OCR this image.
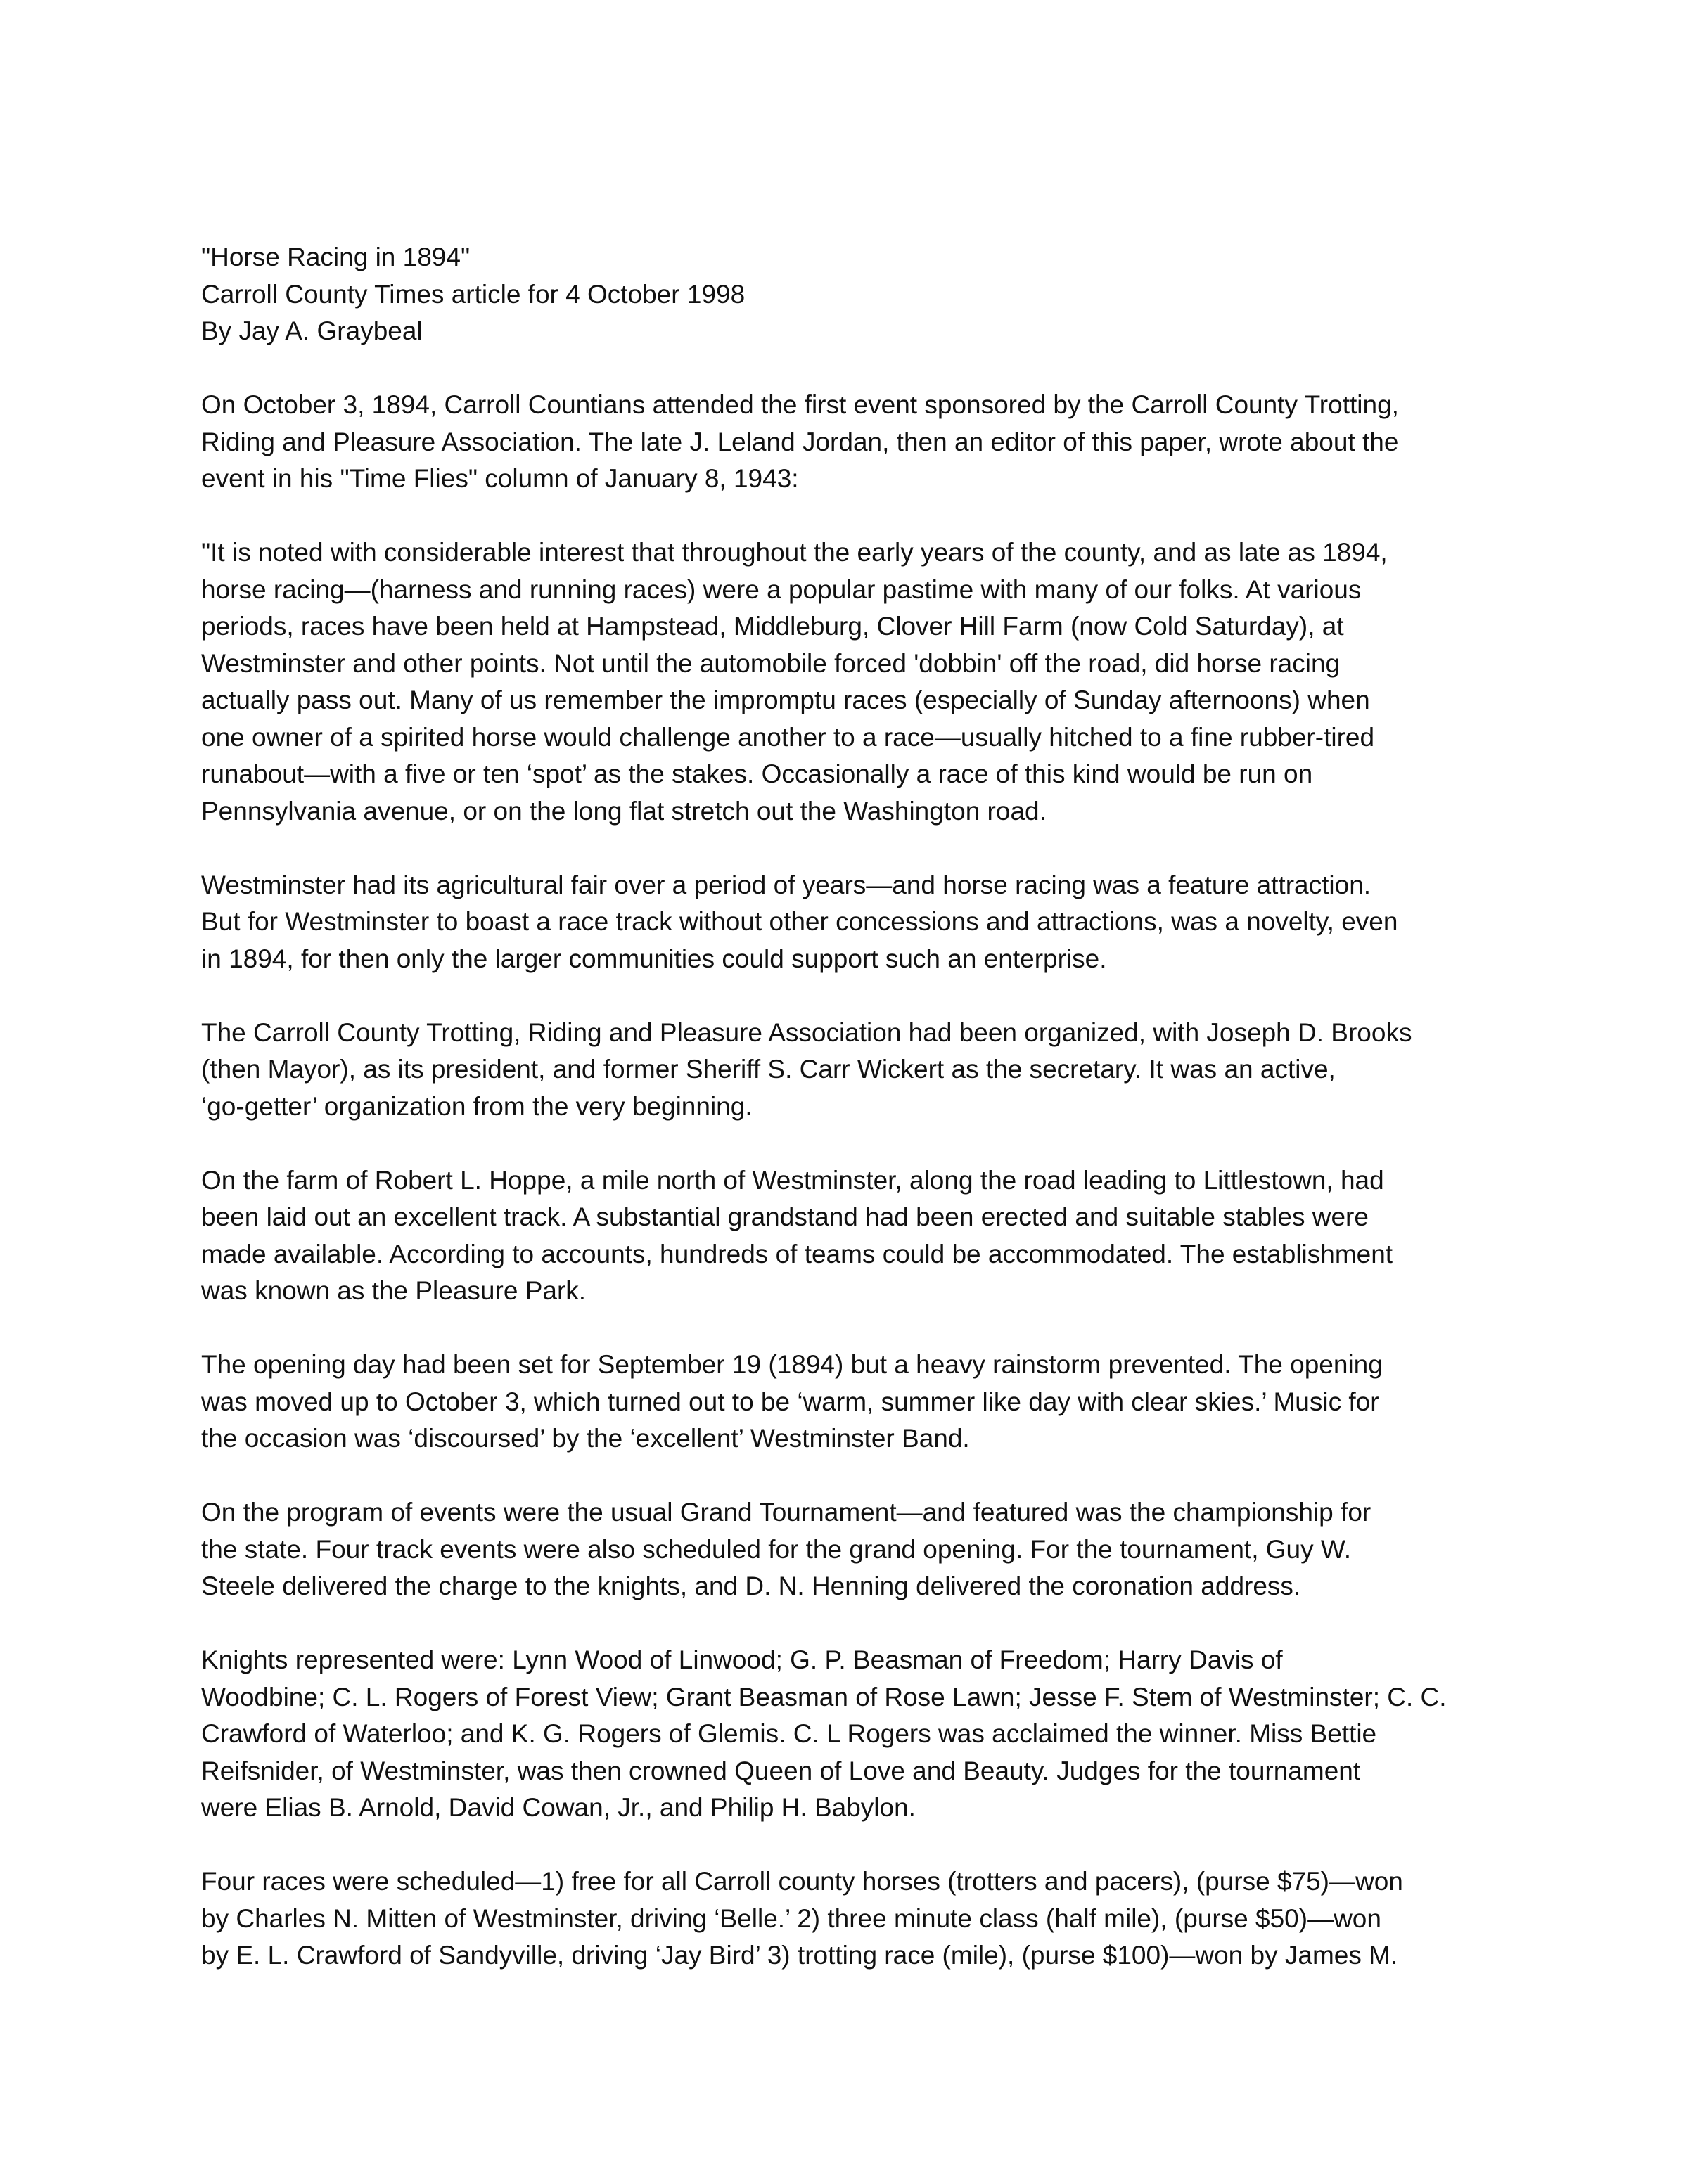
"Horse Racing in 1894"

Carroll County Times article for 4 October 1998

By Jay A. Graybeal

On October 3, 1894, Carroll Countians attended the first event sponsored by the Carroll County Trotting,
Riding and Pleasure Association. The late J. Leland Jordan, then an editor of this paper, wrote about the
event in his "Time Flies" column of January 8, 1943:
"It is noted with considerable interest that throughout the early years of the county, and as late as 1894,
horse racing—(harness and running races) were a popular pastime with many of our folks. At various
periods, races have been held at Hampstead, Middleburg, Clover Hill Farm (now Cold Saturday), at
Westminster and other points. Not until the automobile forced 'dobbin' off the road, did horse racing
actually pass out. Many of us remember the impromptu races (especially of Sunday afternoons) when
one owner of a spirited horse would challenge another to a race—usually hitched to a fine rubber-tired
runabout—with a five or ten ‘spot’ as the stakes. Occasionally a race of this kind would be run on
Pennsylvania avenue, or on the long flat stretch out the Washington road.
Westminster had its agricultural fair over a period of years—and horse racing was a feature attraction.
But for Westminster to boast a race track without other concessions and attractions, was a novelty, even
in 1894, for then only the larger communities could support such an enterprise.
The Carroll County Trotting, Riding and Pleasure Association had been organized, with Joseph D. Brooks
(then Mayor), as its president, and former Sheriff S. Carr Wickert as the secretary. It was an active,
‘go-getter’ organization from the very beginning.
On the farm of Robert L. Hoppe, a mile north of Westminster, along the road leading to Littlestown, had
been laid out an excellent track. A substantial grandstand had been erected and suitable stables were
made available. According to accounts, hundreds of teams could be accommodated. The establishment
was known as the Pleasure Park.
The opening day had been set for September 19 (1894) but a heavy rainstorm prevented. The opening
was moved up to October 3, which turned out to be ‘warm, summer like day with clear skies.’ Music for
the occasion was ‘discoursed’ by the ‘excellent’ Westminster Band.
On the program of events were the usual Grand Tournament—and featured was the championship for
the state. Four track events were also scheduled for the grand opening. For the tournament, Guy W.
Steele delivered the charge to the knights, and D. N. Henning delivered the coronation address.
Knights represented were: Lynn Wood of Linwood; G. P. Beasman of Freedom; Harry Davis of
Woodbine; C. L. Rogers of Forest View; Grant Beasman of Rose Lawn; Jesse F. Stem of Westminster; C. C.
Crawford of Waterloo; and K. G. Rogers of Glemis. C. L Rogers was acclaimed the winner. Miss Bettie
Reifsnider, of Westminster, was then crowned Queen of Love and Beauty. Judges for the tournament
were Elias B. Arnold, David Cowan, Jr., and Philip H. Babylon.
Four races were scheduled—1) free for all Carroll county horses (trotters and pacers), (purse $75)—won
by Charles N. Mitten of Westminster, driving ‘Belle.’ 2) three minute class (half mile), (purse $50)—won
by E. L. Crawford of Sandyville, driving ‘Jay Bird’ 3) trotting race (mile), (purse $100)—won by James M.
